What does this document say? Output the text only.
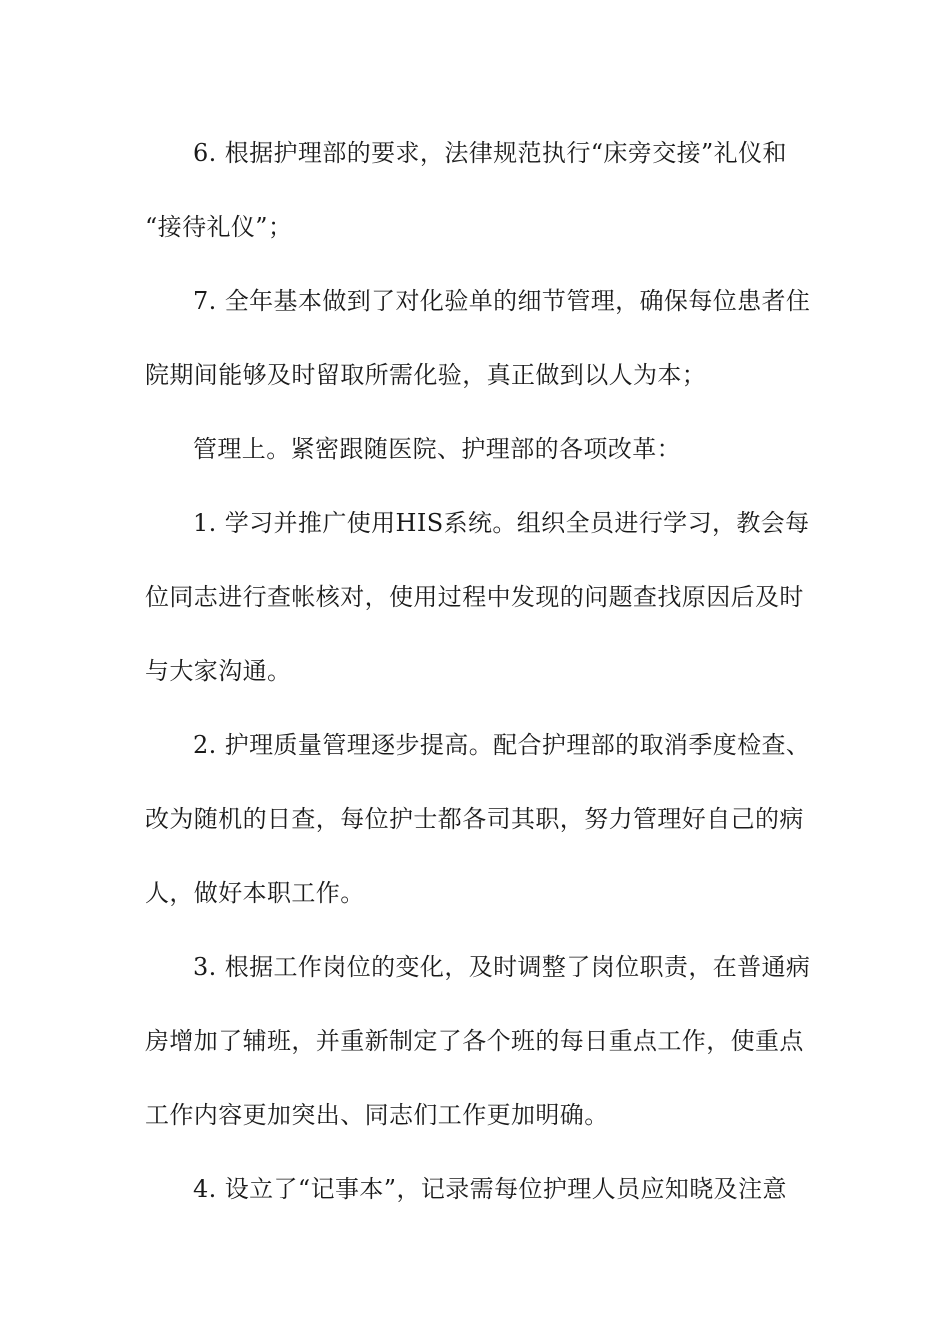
6. 根据护理部的要求，法律规范执行“床旁交接”礼仪和
“接待礼仪”；
7. 全年基本做到了对化验单的细节管理，确保每位患者住
院期间能够及时留取所需化验，真正做到以人为本；
管理上。紧密跟随医院、护理部的各项改革：
1. 学习并推广使用HIS系统。组织全员进行学习，教会每
位同志进行查帐核对，使用过程中发现的问题查找原因后及时
与大家沟通。
2. 护理质量管理逐步提高。配合护理部的取消季度检查、
改为随机的日查，每位护士都各司其职，努力管理好自己的病
人，做好本职工作。
3. 根据工作岗位的变化，及时调整了岗位职责，在普通病
房增加了辅班，并重新制定了各个班的每日重点工作，使重点
工作内容更加突出、同志们工作更加明确。
4. 设立了“记事本”，记录需每位护理人员应知晓及注意
